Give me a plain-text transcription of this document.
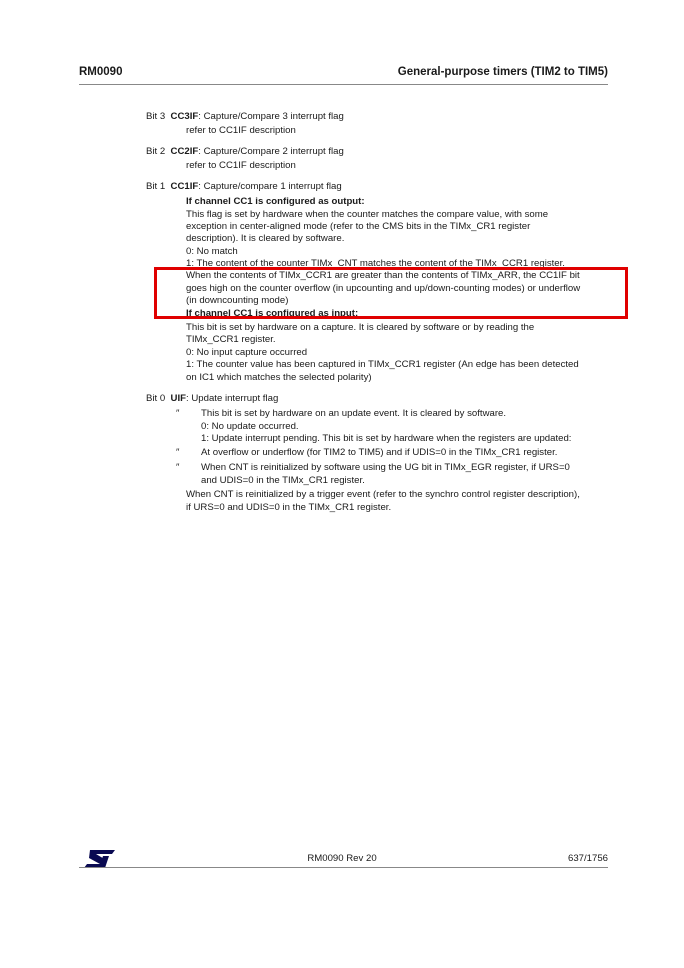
RM0090	General-purpose timers (TIM2 to TIM5)
Bit 3 CC3IF: Capture/Compare 3 interrupt flag
refer to CC1IF description
Bit 2 CC2IF: Capture/Compare 2 interrupt flag
refer to CC1IF description
Bit 1 CC1IF: Capture/compare 1 interrupt flag
If channel CC1 is configured as output:
This flag is set by hardware when the counter matches the compare value, with some
exception in center-aligned mode (refer to the CMS bits in the TIMx_CR1 register
description). It is cleared by software.
0: No match
1: The content of the counter TIMx_CNT matches the content of the TIMx_CCR1 register.
When the contents of TIMx_CCR1 are greater than the contents of TIMx_ARR, the CC1IF bit
goes high on the counter overflow (in upcounting and up/down-counting modes) or underflow
(in downcounting mode)
If channel CC1 is configured as input:
This bit is set by hardware on a capture. It is cleared by software or by reading the
TIMx_CCR1 register.
0: No input capture occurred
1: The counter value has been captured in TIMx_CCR1 register (An edge has been detected
on IC1 which matches the selected polarity)
Bit 0 UIF: Update interrupt flag
″ This bit is set by hardware on an update event. It is cleared by software.
0: No update occurred.
1: Update interrupt pending. This bit is set by hardware when the registers are updated:
″ At overflow or underflow (for TIM2 to TIM5) and if UDIS=0 in the TIMx_CR1 register.
″ When CNT is reinitialized by software using the UG bit in TIMx_EGR register, if URS=0
and UDIS=0 in the TIMx_CR1 register.
When CNT is reinitialized by a trigger event (refer to the synchro control register description),
if URS=0 and UDIS=0 in the TIMx_CR1 register.
RM0090 Rev 20	637/1756
